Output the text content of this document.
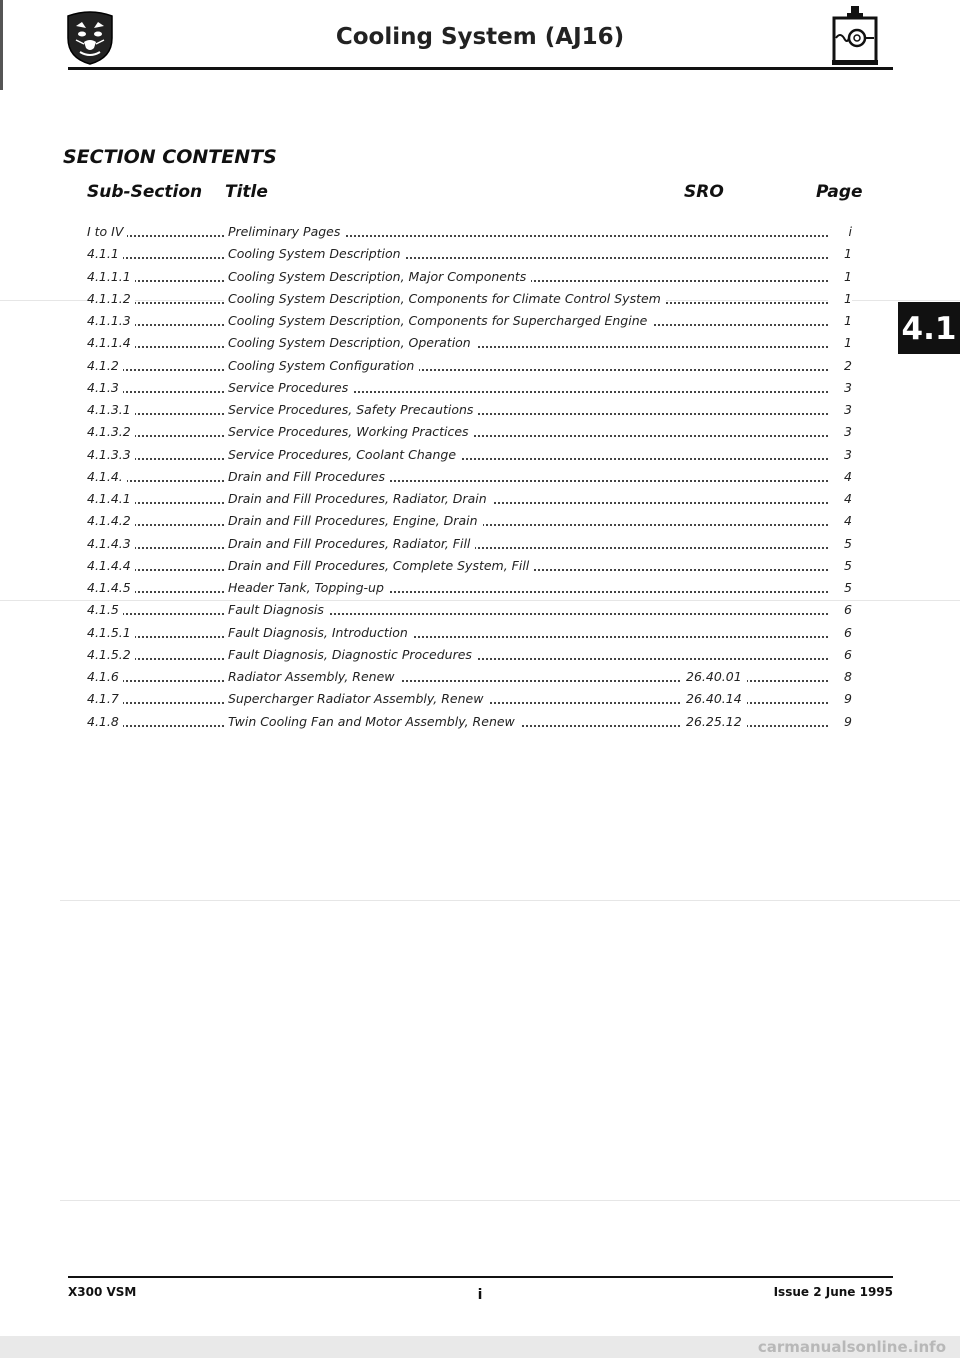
Cooling System (AJ16)
4.1
SECTION CONTENTS
Sub-Section Title	SRO	Page
I to IV	Preliminary Pages	i
4.1.1	Cooling System Description	1
4.1.1.1	Cooling System Description, Major Components	1
4.1.1.2	Cooling System Description, Components for Climate Control System	1
4.1.1.3	Cooling System Description, Components for Supercharged Engine	1
4.1.1.4	Cooling System Description, Operation	1
4.1.2	Cooling System Configuration	2
4.1.3	Service Procedures	3
4.1.3.1	Service Procedures, Safety Precautions	3
4.1.3.2	Service Procedures, Working Practices	3
4.1.3.3	Service Procedures, Coolant Change	3
4.1.4.	Drain and Fill Procedures	4
4.1.4.1	Drain and Fill Procedures, Radiator, Drain	4
4.1.4.2	Drain and Fill Procedures, Engine, Drain	4
4.1.4.3	Drain and Fill Procedures, Radiator, Fill	5
4.1.4.4	Drain and Fill Procedures, Complete System, Fill	5
4.1.4.5	Header Tank, Topping-up	5
4.1.5	Fault Diagnosis	6
4.1.5.1	Fault Diagnosis, Introduction	6
4.1.5.2	Fault Diagnosis, Diagnostic Procedures	6
4.1.6	Radiator Assembly, Renew	26.40.01	8
4.1.7	Supercharger Radiator Assembly, Renew	26.40.14	9
4.1.8	Twin Cooling Fan and Motor Assembly, Renew	26.25.12	9
X300 VSM	i	Issue 2 June 1995
carmanualsonline.info
